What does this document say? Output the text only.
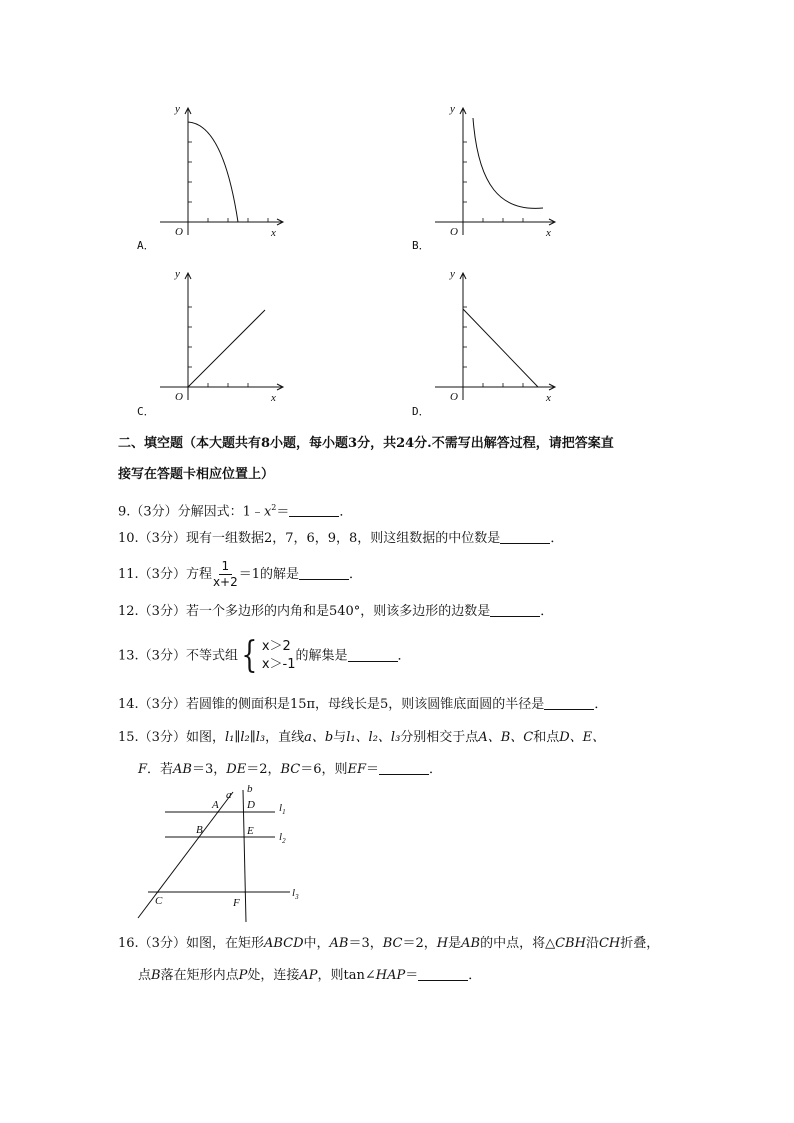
y
x
O
A．
y
x
O
B．
y
x
O
C．
y
x
O
D．
二、填空题（本大题共有8小题，每小题3分，共24分.不需写出解答过程，请把答案直
接写在答题卡相应位置上）
9.（3分）分解因式：$1﹣x^2=$	．
10.（3分）现有一组数据2，7，6，9，8，则这组数据的中位数是	．
11.（3分）方程 $\frac{1}{x+2} =1$的解是	．
12.（3分）若一个多边形的内角和是540°，则该多边形的边数是	．
13.（3分）不等式组 { x＞2
x＞-1
的解集是	．
14.（3分）若圆锥的侧面积是15π，母线长是5，则该圆锥底面圆的半径是	．
15.（3分）如图，l₁∥l₂∥l₃，直线a、b与l₁、l₂、l₃分别相交于点A、B、C和点D、E、
F．若AB＝3，DE＝2，BC＝6，则EF＝	．
a b
A	D
B	E
C	F
$l_1$
$l_2$
$l_3$
16.（3分）如图，在矩形ABCD中，AB＝3，BC＝2，H是AB的中点，将△CBH沿CH折叠，
点B落在矩形内点P处，连接AP，则tan∠HAP＝	．
